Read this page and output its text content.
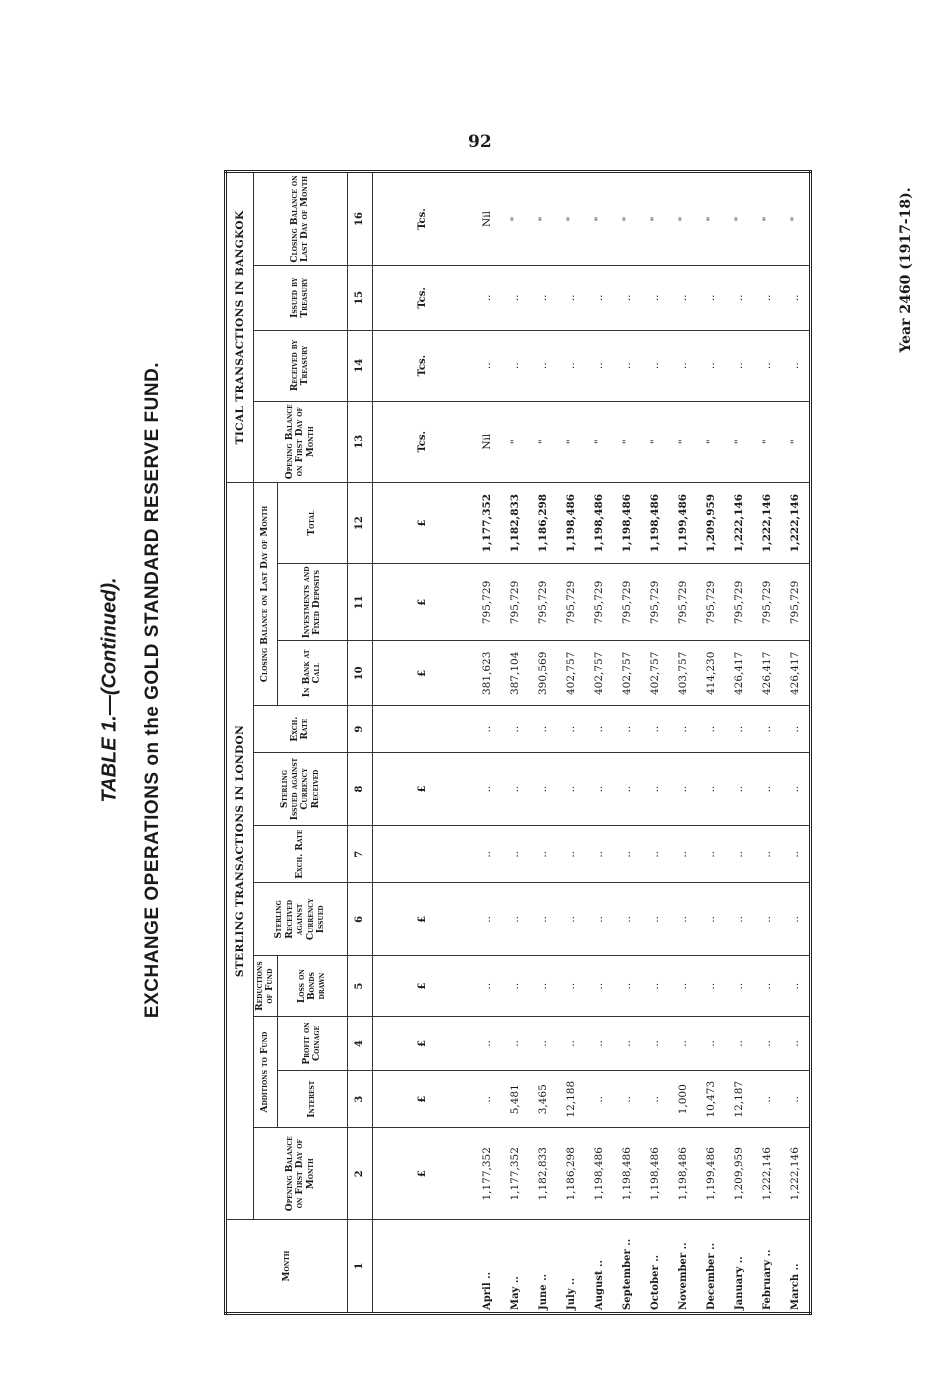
92
TABLE 1.—(Continued). EXCHANGE OPERATIONS on the GOLD STANDARD RESERVE FUND.
Year 2460 (1917-18).
Month	STERLING TRANSACTIONS IN LONDON											TICAL TRANSACTIONS IN BANGKOK			
	Opening Balance on First Day of Month	Additions to Fund		Reductions of Fund	Sterling Received against Currency Issued	Exch. Rate	Sterling Issued against Currency Received	Exch. Rate	Closing Balance on Last Day of Month			Opening Balance on First Day of Month	Received by Treasury	Issued by Treasury	Closing Balance on Last Day of Month
		Interest	Profit on Coinage	Loss on Bonds drawn					In Bank at Call	Investments and Fixed Deposits	Total				
1	2	3	4	5	6	7	8	9	10	11	12	13	14	15	16
	£	£	£	£	£		£		£	£	£	Tcs.	Tcs.	Tcs.	Tcs.
April ..	1,177,352	..	..	..	..	..	..	..	381,623	795,729	1,177,352	Nil	..	..	Nil
May ..	1,177,352	5,481	..	..	..	..	..	..	387,104	795,729	1,182,833	"	..	..	"
June ..	1,182,833	3,465	..	..	..	..	..	..	390,569	795,729	1,186,298	"	..	..	"
July ..	1,186,298	12,188	..	..	..	..	..	..	402,757	795,729	1,198,486	"	..	..	"
August ..	1,198,486	..	..	..	..	..	..	..	402,757	795,729	1,198,486	"	..	..	"
September ..	1,198,486	..	..	..	..	..	..	..	402,757	795,729	1,198,486	"	..	..	"
October ..	1,198,486	..	..	..	..	..	..	..	402,757	795,729	1,198,486	"	..	..	"
November ..	1,198,486	1,000	..	..	..	..	..	..	403,757	795,729	1,199,486	"	..	..	"
December ..	1,199,486	10,473	..	..	..	..	..	..	414,230	795,729	1,209,959	"	..	..	"
January ..	1,209,959	12,187	..	..	..	..	..	..	426,417	795,729	1,222,146	"	..	..	"
February ..	1,222,146	..	..	..	..	..	..	..	426,417	795,729	1,222,146	"	..	..	"
March ..	1,222,146	..	..	..	..	..	..	..	426,417	795,729	1,222,146	"	..	..	"
